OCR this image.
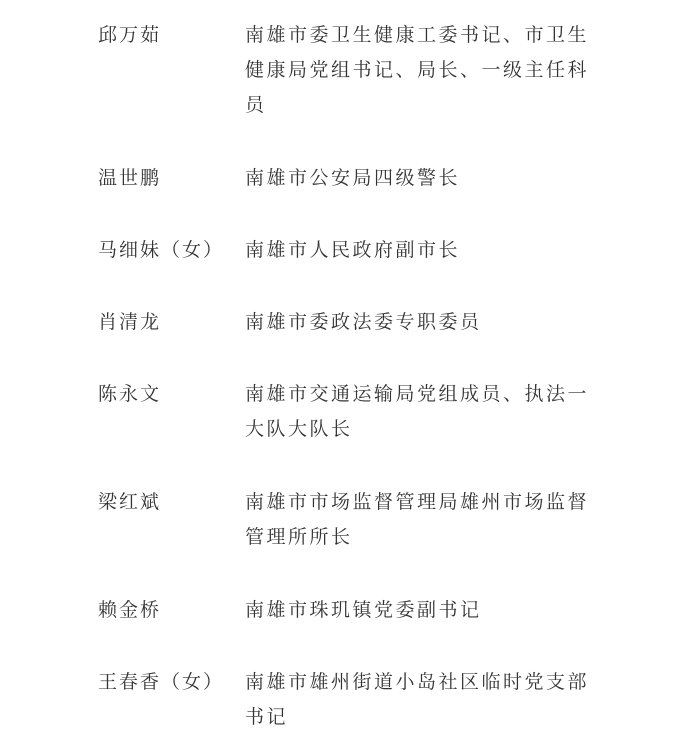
邱万茹	南雄市委卫生健康工委书记、市卫生健康局党组书记、局长、一级主任科员
温世鹏	南雄市公安局四级警长
马细妹（女）	南雄市人民政府副市长
肖清龙	南雄市委政法委专职委员
陈永文	南雄市交通运输局党组成员、执法一大队大队长
梁红斌	南雄市市场监督管理局雄州市场监督管理所所长
赖金桥	南雄市珠玑镇党委副书记
王春香（女）	南雄市雄州街道小岛社区临时党支部书记
